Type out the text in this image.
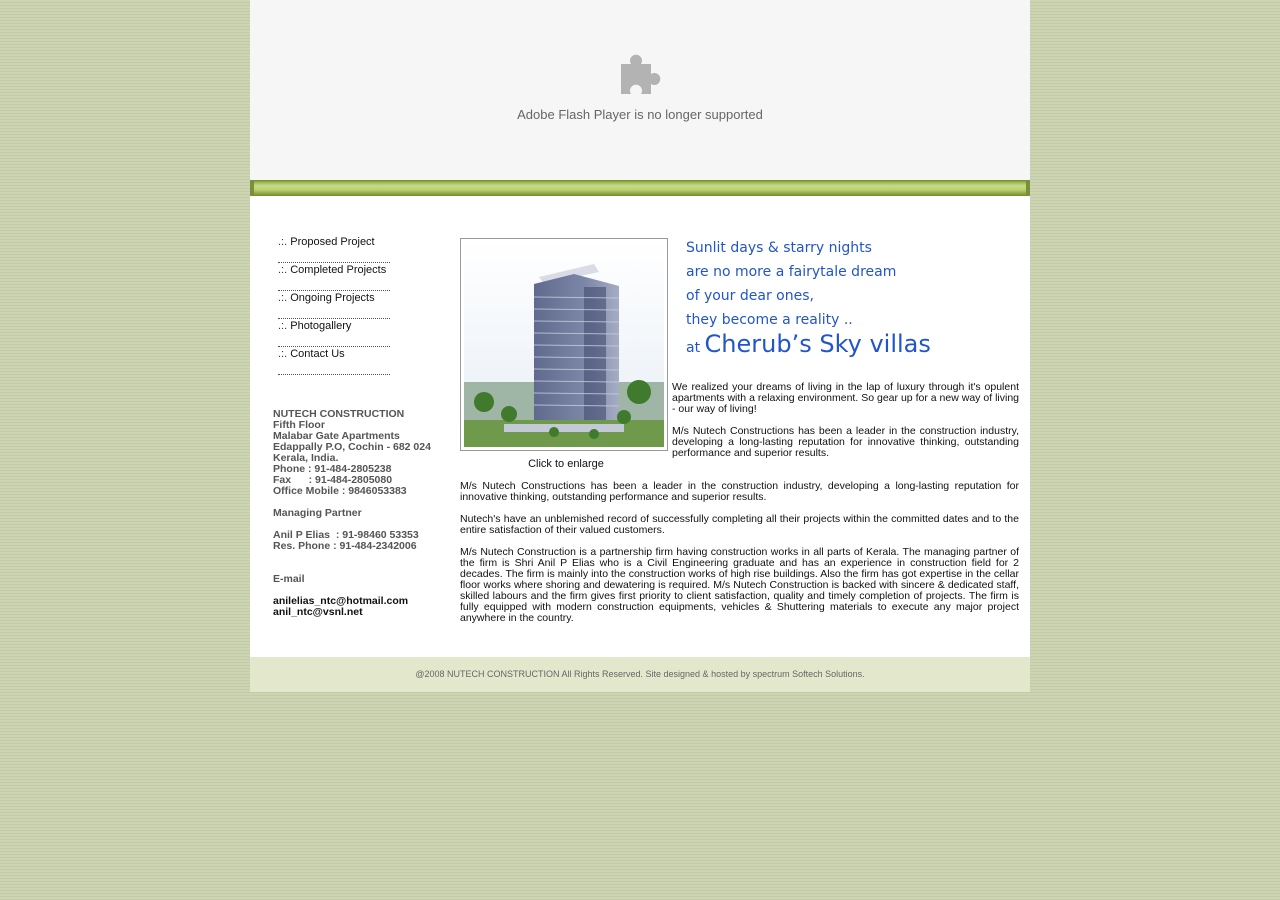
Adobe Flash Player is no longer supported
.:. Proposed Project
.:. Completed Projects
.:. Ongoing Projects
.:. Photogallery
.:. Contact Us
NUTECH CONSTRUCTION
Fifth Floor
Malabar Gate Apartments
Edappally P.O, Cochin - 682 024
Kerala, India.
Phone : 91-484-2805238
Fax      : 91-484-2805080
Office Mobile : 9846053383
Managing Partner
Anil P Elias  : 91-98460 53353
Res. Phone : 91-484-2342006
E-mail
anilelias_ntc@hotmail.com
anil_ntc@vsnl.net
Click to enlarge
Sunlit days & starry nights
are no more a fairytale dream
of your dear ones,
they become a reality ..
at Cherub’s Sky villas

We realized your dreams of living in the lap of luxury through it's opulent apartments with a relaxing environment. So gear up for a new way of living - our way of living!

M/s Nutech Constructions has been a leader in the construction industry, developing a long-lasting reputation for innovative thinking, outstanding performance and superior results.

M/s Nutech Constructions has been a leader in the construction industry, developing a long-lasting reputation for innovative thinking, outstanding performance and superior results.

Nutech's have an unblemished record of successfully completing all their projects within the committed dates and to the entire satisfaction of their valued customers.

M/s Nutech Construction is a partnership firm having construction works in all parts of Kerala. The managing partner of the firm is Shri Anil P Elias who is a Civil Engineering graduate and has an experience in construction field for 2 decades. The firm is mainly into the construction works of high rise buildings. Also the firm has got expertise in the cellar floor works where shoring and dewatering is required. M/s Nutech Construction is backed with sincere & dedicated staff, skilled labours and the firm gives first priority to client satisfaction, quality and timely completion of projects. The firm is fully equipped with modern construction equipments, vehicles & Shuttering materials to execute any major project anywhere in the country.

@2008 NUTECH CONSTRUCTION All Rights Reserved. Site designed & hosted by spectrum Softech Solutions.
